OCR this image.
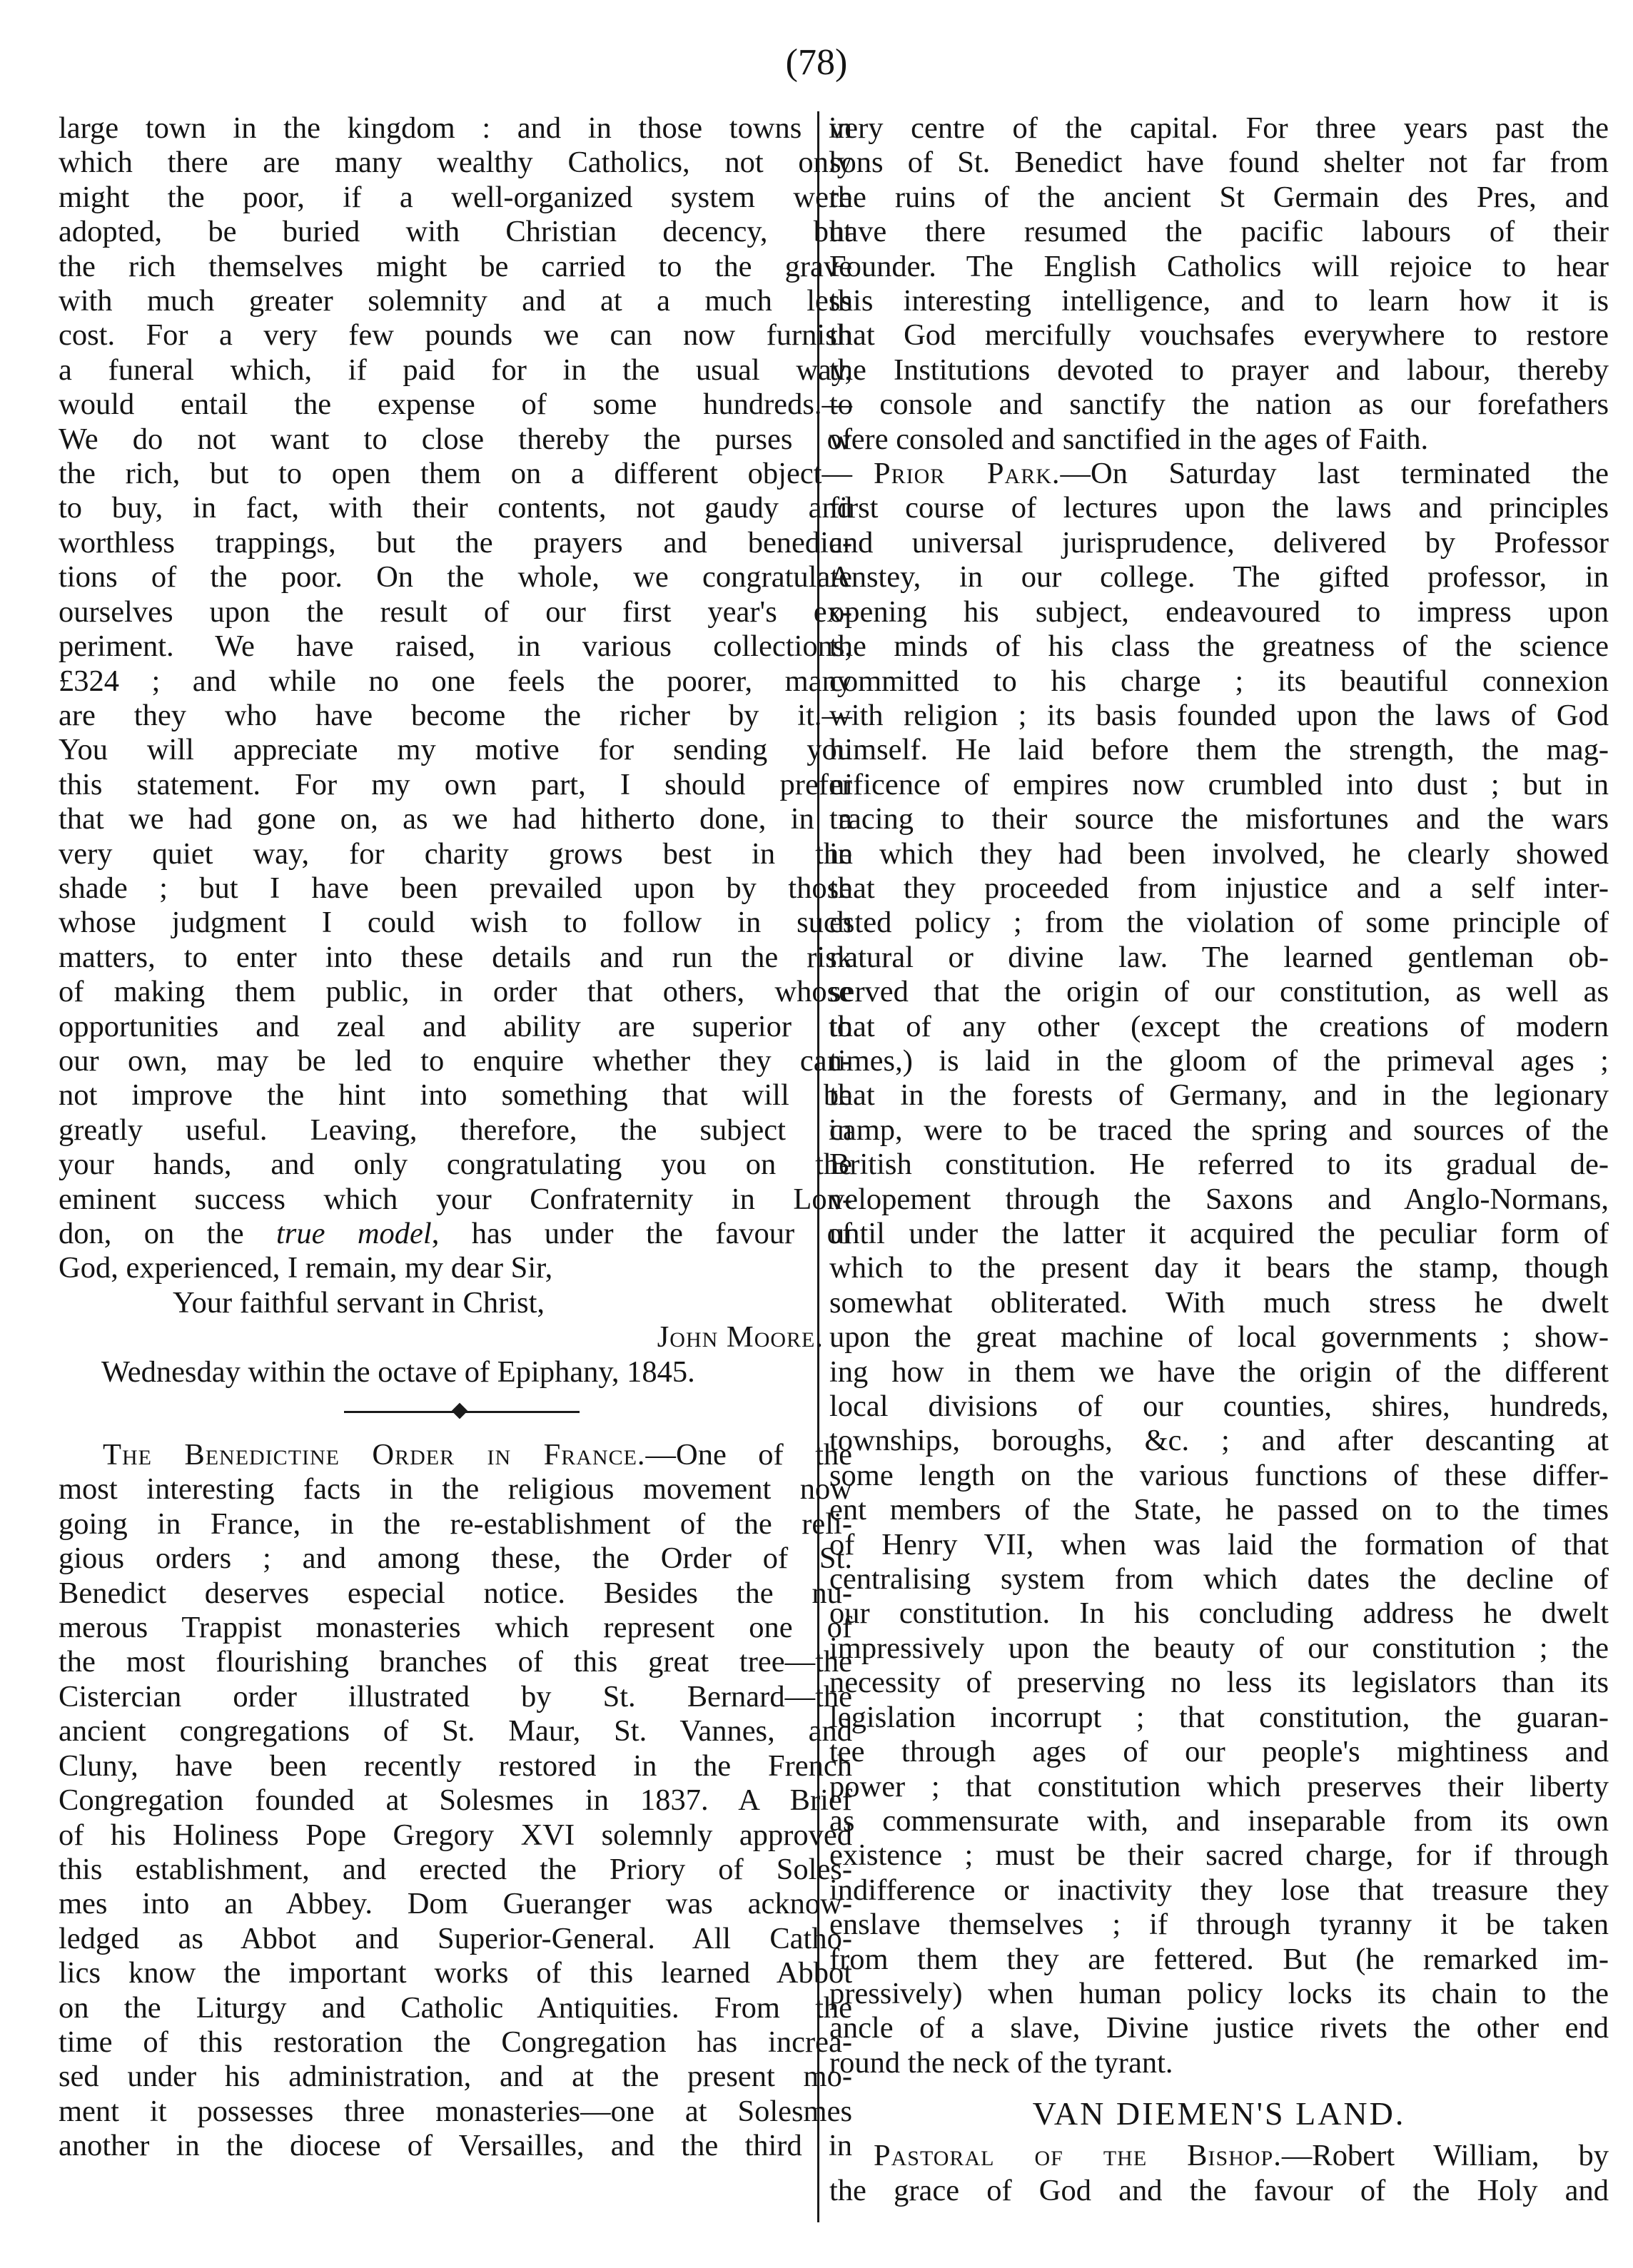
(78)
large town in the kingdom : and in those towns in
which there are many wealthy Catholics, not only
might the poor, if a well-organized system were
adopted, be buried with Christian decency, but
the rich themselves might be carried to the grave
with much greater solemnity and at a much less
cost. For a very few pounds we can now furnish
a funeral which, if paid for in the usual way,
would entail the expense of some hundreds.—
We do not want to close thereby the purses of
the rich, but to open them on a different object—
to buy, in fact, with their contents, not gaudy and
worthless trappings, but the prayers and benedic-
tions of the poor. On the whole, we congratulate
ourselves upon the result of our first year's ex-
periment. We have raised, in various collections,
£324 ; and while no one feels the poorer, many
are they who have become the richer by it.—
You will appreciate my motive for sending you
this statement. For my own part, I should prefer
that we had gone on, as we had hitherto done, in a
very quiet way, for charity grows best in the
shade ; but I have been prevailed upon by those
whose judgment I could wish to follow in such
matters, to enter into these details and run the risk
of making them public, in order that others, whose
opportunities and zeal and ability are superior to
our own, may be led to enquire whether they can-
not improve the hint into something that will be
greatly useful. Leaving, therefore, the subject in
your hands, and only congratulating you on the
eminent success which your Confraternity in Lon-
don, on the true model, has under the favour of
God, experienced, I remain, my dear Sir,
Your faithful servant in Christ,
John Moore.
Wednesday within the octave of Epiphany, 1845.
The Benedictine Order in France.—One of the
most interesting facts in the religious movement now
going in France, in the re-establishment of the reli-
gious orders ; and among these, the Order of St.
Benedict deserves especial notice. Besides the nu-
merous Trappist monasteries which represent one of
the most flourishing branches of this great tree—the
Cistercian order illustrated by St. Bernard—the
ancient congregations of St. Maur, St. Vannes, and
Cluny, have been recently restored in the French
Congregation founded at Solesmes in 1837. A Brief
of his Holiness Pope Gregory XVI solemnly approved
this establishment, and erected the Priory of Soles-
mes into an Abbey. Dom Gueranger was acknow-
ledged as Abbot and Superior-General. All Catho-
lics know the important works of this learned Abbot
on the Liturgy and Catholic Antiquities. From the
time of this restoration the Congregation has increa-
sed under his administration, and at the present mo-
ment it possesses three monasteries—one at Solesmes
another in the diocese of Versailles, and the third in
very centre of the capital. For three years past the
sons of St. Benedict have found shelter not far from
the ruins of the ancient St Germain des Pres, and
have there resumed the pacific labours of their
Founder. The English Catholics will rejoice to hear
this interesting intelligence, and to learn how it is
that God mercifully vouchsafes everywhere to restore
the Institutions devoted to prayer and labour, thereby
to console and sanctify the nation as our forefathers
were consoled and sanctified in the ages of Faith.
Prior Park.—On Saturday last terminated the
first course of lectures upon the laws and principles
and universal jurisprudence, delivered by Professor
Anstey, in our college. The gifted professor, in
opening his subject, endeavoured to impress upon
the minds of his class the greatness of the science
committed to his charge ; its beautiful connexion
with religion ; its basis founded upon the laws of God
himself. He laid before them the strength, the mag-
nificence of empires now crumbled into dust ; but in
tracing to their source the misfortunes and the wars
in which they had been involved, he clearly showed
that they proceeded from injustice and a self inter-
ested policy ; from the violation of some principle of
natural or divine law. The learned gentleman ob-
served that the origin of our constitution, as well as
that of any other (except the creations of modern
times,) is laid in the gloom of the primeval ages ;
that in the forests of Germany, and in the legionary
camp, were to be traced the spring and sources of the
British constitution. He referred to its gradual de-
velopement through the Saxons and Anglo-Normans,
until under the latter it acquired the peculiar form of
which to the present day it bears the stamp, though
somewhat obliterated. With much stress he dwelt
upon the great machine of local governments ; show-
ing how in them we have the origin of the different
local divisions of our counties, shires, hundreds,
townships, boroughs, &c. ; and after descanting at
some length on the various functions of these differ-
ent members of the State, he passed on to the times
of Henry VII, when was laid the formation of that
centralising system from which dates the decline of
our constitution. In his concluding address he dwelt
impressively upon the beauty of our constitution ; the
necessity of preserving no less its legislators than its
legislation incorrupt ; that constitution, the guaran-
tee through ages of our people's mightiness and
power ; that constitution which preserves their liberty
as commensurate with, and inseparable from its own
existence ; must be their sacred charge, for if through
indifference or inactivity they lose that treasure they
enslave themselves ; if through tyranny it be taken
from them they are fettered. But (he remarked im-
pressively) when human policy locks its chain to the
ancle of a slave, Divine justice rivets the other end
round the neck of the tyrant.
VAN DIEMEN'S LAND.
Pastoral of the Bishop.—Robert William, by
the grace of God and the favour of the Holy and
